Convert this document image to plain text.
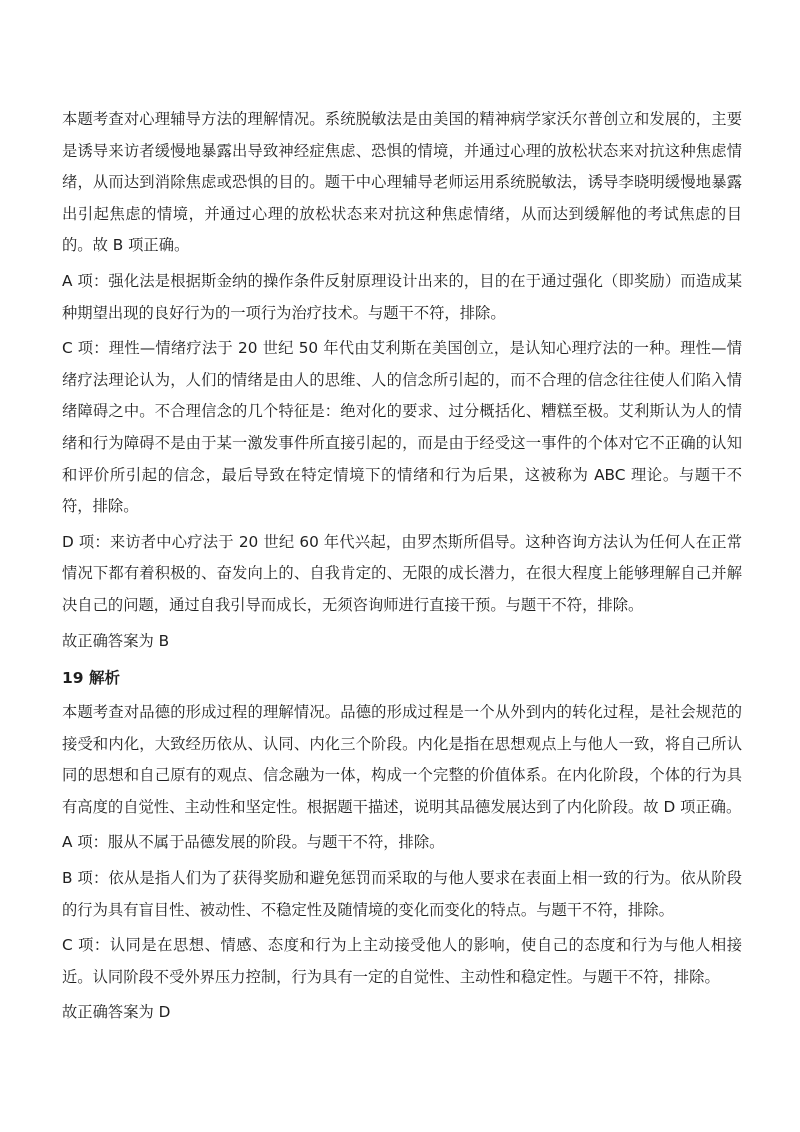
本题考查对心理辅导方法的理解情况。系统脱敏法是由美国的精神病学家沃尔普创立和发展的，主要是诱导来访者缓慢地暴露出导致神经症焦虑、恐惧的情境，并通过心理的放松状态来对抗这种焦虑情绪，从而达到消除焦虑或恐惧的目的。题干中心理辅导老师运用系统脱敏法，诱导李晓明缓慢地暴露出引起焦虑的情境，并通过心理的放松状态来对抗这种焦虑情绪，从而达到缓解他的考试焦虑的目的。故 B 项正确。

A 项：强化法是根据斯金纳的操作条件反射原理设计出来的，目的在于通过强化（即奖励）而造成某种期望出现的良好行为的一项行为治疗技术。与题干不符，排除。

C 项：理性—情绪疗法于 20 世纪 50 年代由艾利斯在美国创立，是认知心理疗法的一种。理性—情绪疗法理论认为，人们的情绪是由人的思维、人的信念所引起的，而不合理的信念往往使人们陷入情绪障碍之中。不合理信念的几个特征是：绝对化的要求、过分概括化、糟糕至极。艾利斯认为人的情绪和行为障碍不是由于某一激发事件所直接引起的，而是由于经受这一事件的个体对它不正确的认知和评价所引起的信念，最后导致在特定情境下的情绪和行为后果，这被称为 ABC 理论。与题干不符，排除。

D 项：来访者中心疗法于 20 世纪 60 年代兴起，由罗杰斯所倡导。这种咨询方法认为任何人在正常情况下都有着积极的、奋发向上的、自我肯定的、无限的成长潜力，在很大程度上能够理解自己并解决自己的问题，通过自我引导而成长，无须咨询师进行直接干预。与题干不符，排除。

故正确答案为 B

19 解析

本题考查对品德的形成过程的理解情况。品德的形成过程是一个从外到内的转化过程，是社会规范的接受和内化，大致经历依从、认同、内化三个阶段。内化是指在思想观点上与他人一致，将自己所认同的思想和自己原有的观点、信念融为一体，构成一个完整的价值体系。在内化阶段，个体的行为具有高度的自觉性、主动性和坚定性。根据题干描述，说明其品德发展达到了内化阶段。故 D 项正确。

A 项：服从不属于品德发展的阶段。与题干不符，排除。

B 项：依从是指人们为了获得奖励和避免惩罚而采取的与他人要求在表面上相一致的行为。依从阶段的行为具有盲目性、被动性、不稳定性及随情境的变化而变化的特点。与题干不符，排除。

C 项：认同是在思想、情感、态度和行为上主动接受他人的影响，使自己的态度和行为与他人相接近。认同阶段不受外界压力控制，行为具有一定的自觉性、主动性和稳定性。与题干不符，排除。

故正确答案为 D
